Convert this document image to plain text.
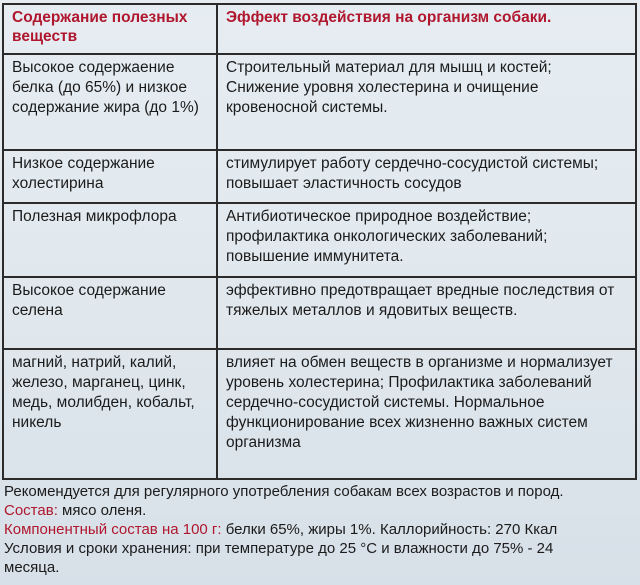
Содержание полезных веществ	Эффект воздействия на организм собаки.
Высокое содержаение белка (до 65%) и низкое содержание жира (до 1%)	Строительный материал для мышц и костей; Снижение уровня холестерина и очищение кровеносной системы.
Низкое содержание холестирина	стимулирует работу сердечно-сосудистой системы; повышает эластичность сосудов
Полезная микрофлора	Антибиотическое природное воздействие; профилактика онкологических заболеваний; повышение иммунитета.
Высокое содержание селена	эффективно предотвращает вредные последствия от тяжелых металлов и ядовитых веществ.
магний, натрий, калий, железо, марганец, цинк, медь, молибден, кобальт, никель	влияет на обмен веществ в организме и нормализует уровень холестерина; Профилактика заболеваний сердечно-сосудистой системы. Нормальное функционирование всех жизненно важных систем организма
Рекомендуется для регулярного употребления собакам всех возрастов и пород.
Состав: мясо оленя.
Компонентный состав на 100 г: белки 65%, жиры 1%. Каллорийность: 270 Ккал
Условия и сроки хранения: при температуре до 25 °С и влажности до 75% - 24
месяца.
